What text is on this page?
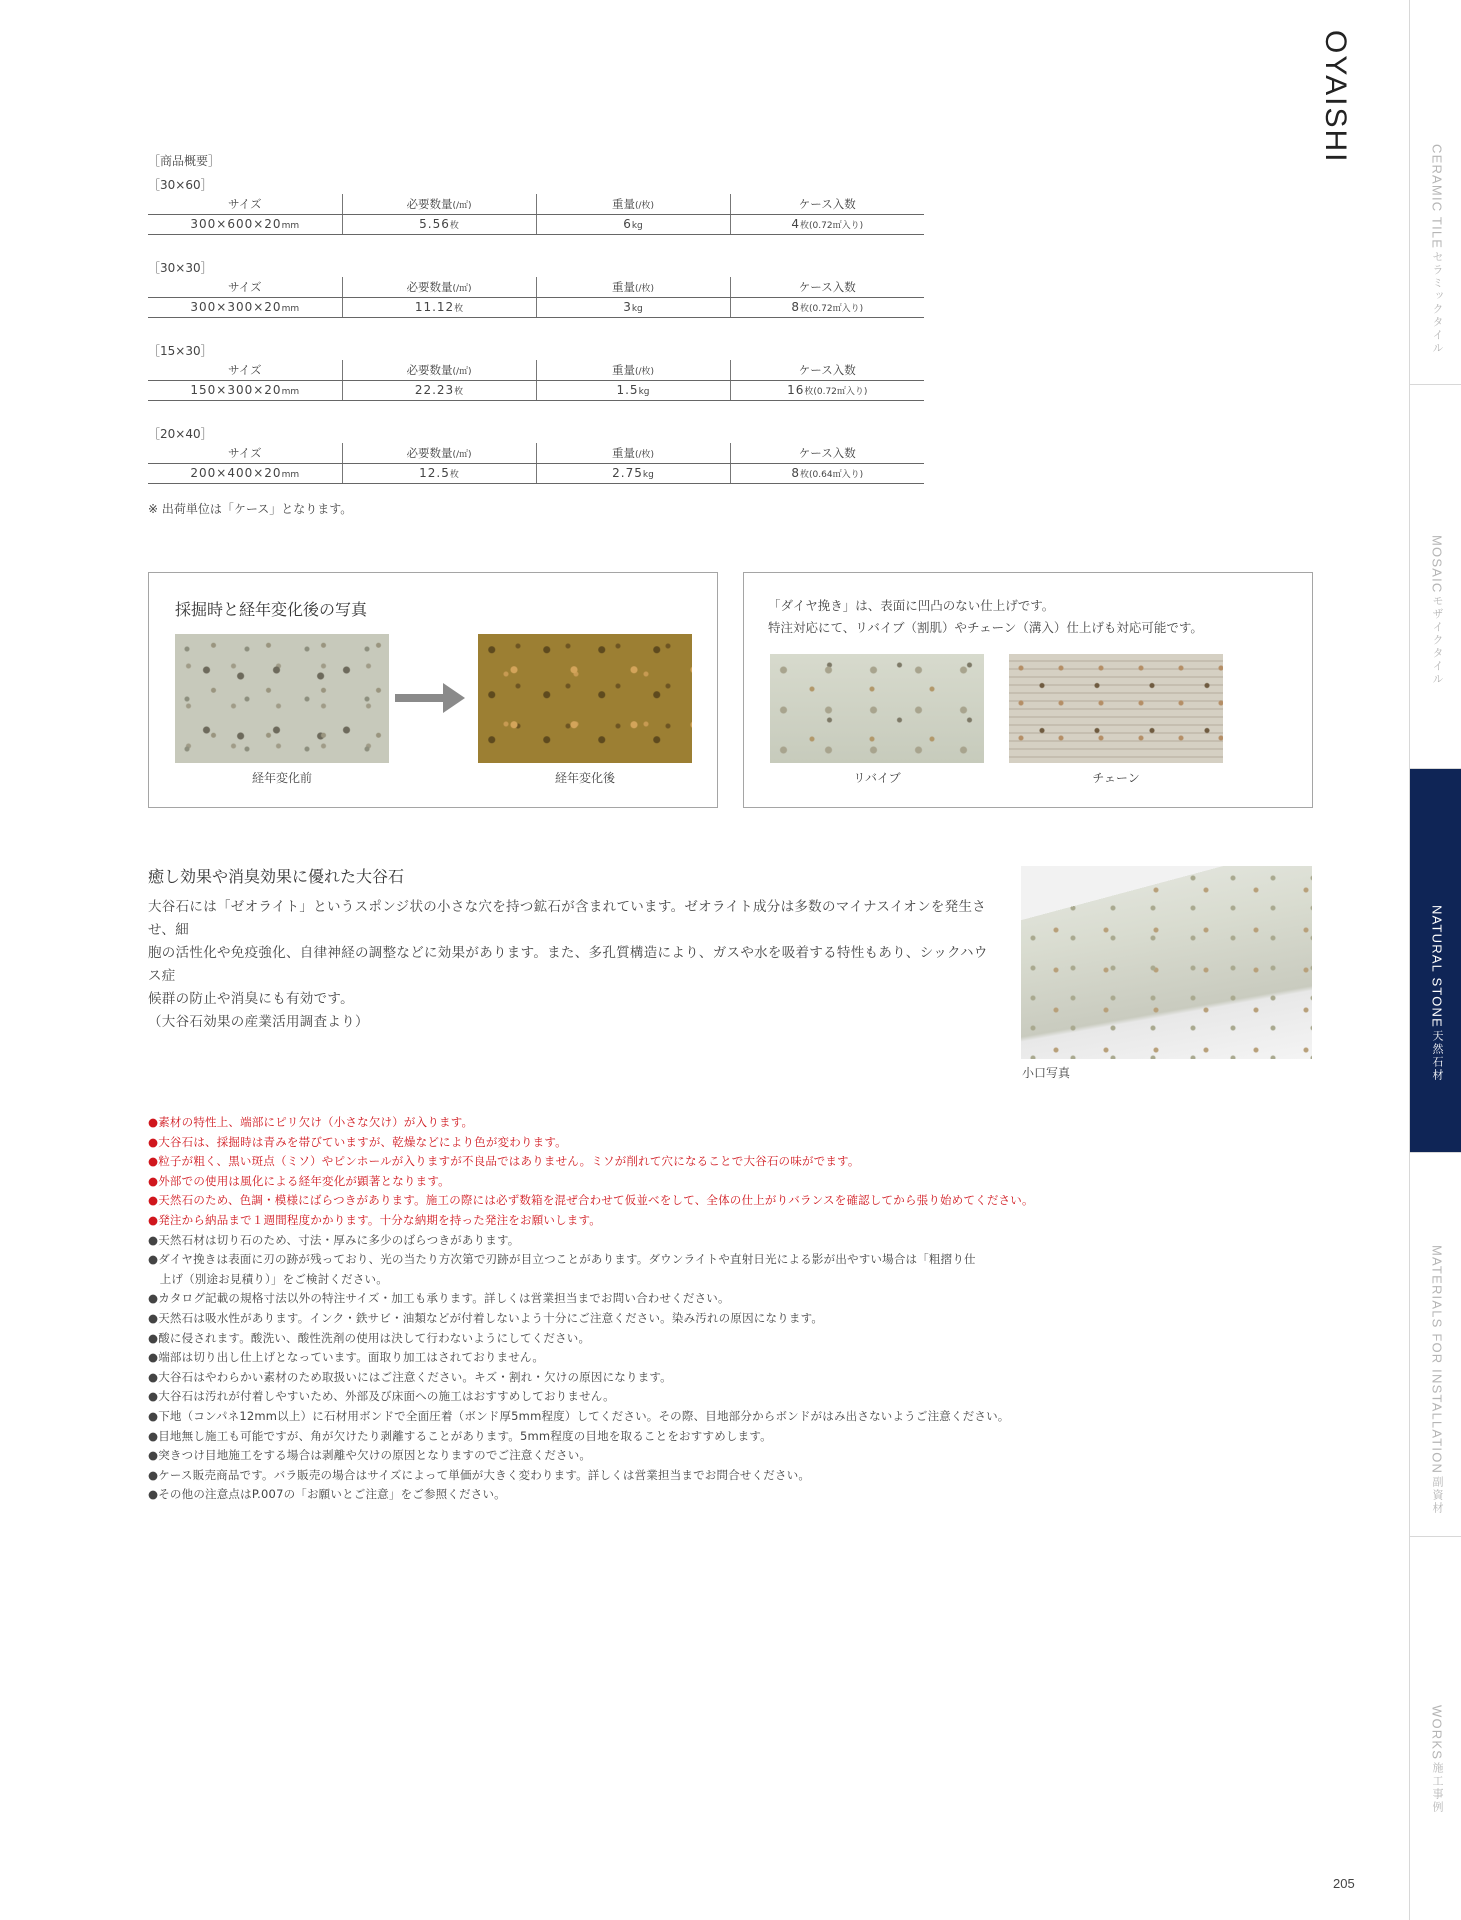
OYAISHI
CERAMIC TILE
セラミックタイル
MOSAIC
モザイクタイル
NATURAL STONE
天然石材
MATERIALS FOR INSTALLATION
副資材
WORKS
施工事例
［商品概要］
［30×60］
サイズ	必要数量(/㎡)	重量(/枚)	ケース入数
300×600×20mm	5.56枚	6kg	4枚(0.72㎡入り)
［30×30］
サイズ	必要数量(/㎡)	重量(/枚)	ケース入数
300×300×20mm	11.12枚	3kg	8枚(0.72㎡入り)
［15×30］
サイズ	必要数量(/㎡)	重量(/枚)	ケース入数
150×300×20mm	22.23枚	1.5kg	16枚(0.72㎡入り)
［20×40］
サイズ	必要数量(/㎡)	重量(/枚)	ケース入数
200×400×20mm	12.5枚	2.75kg	8枚(0.64㎡入り)
※ 出荷単位は「ケース」となります。
採掘時と経年変化後の写真
経年変化前	経年変化後
「ダイヤ挽き」は、表面に凹凸のない仕上げです。
特注対応にて、リバイブ（割肌）やチェーン（溝入）仕上げも対応可能です。
リバイブ	チェーン
癒し効果や消臭効果に優れた大谷石

大谷石には「ゼオライト」というスポンジ状の小さな穴を持つ鉱石が含まれています。ゼオライト成分は多数のマイナスイオンを発生させ、細

胞の活性化や免疫強化、自律神経の調整などに効果があります。また、多孔質構造により、ガスや水を吸着する特性もあり、シックハウス症

候群の防止や消臭にも有効です。

（大谷石効果の産業活用調査より）

小口写真
●素材の特性上、端部にピリ欠け（小さな欠け）が入ります。
●大谷石は、採掘時は青みを帯びていますが、乾燥などにより色が変わります。
●粒子が粗く、黒い斑点（ミソ）やピンホールが入りますが不良品ではありません。ミソが削れて穴になることで大谷石の味がでます。
●外部での使用は風化による経年変化が顕著となります。
●天然石のため、色調・模様にばらつきがあります。施工の際には必ず数箱を混ぜ合わせて仮並べをして、全体の仕上がりバランスを確認してから張り始めてください。
●発注から納品まで１週間程度かかります。十分な納期を持った発注をお願いします。
●天然石材は切り石のため、寸法・厚みに多少のばらつきがあります。
●ダイヤ挽きは表面に刃の跡が残っており、光の当たり方次第で刃跡が目立つことがあります。ダウンライトや直射日光による影が出やすい場合は「粗摺り仕
　上げ（別途お見積り）」をご検討ください。
●カタログ記載の規格寸法以外の特注サイズ・加工も承ります。詳しくは営業担当までお問い合わせください。
●天然石は吸水性があります。インク・鉄サビ・油類などが付着しないよう十分にご注意ください。染み汚れの原因になります。
●酸に侵されます。酸洗い、酸性洗剤の使用は決して行わないようにしてください。
●端部は切り出し仕上げとなっています。面取り加工はされておりません。
●大谷石はやわらかい素材のため取扱いにはご注意ください。キズ・割れ・欠けの原因になります。
●大谷石は汚れが付着しやすいため、外部及び床面への施工はおすすめしておりません。
●下地（コンパネ12mm以上）に石材用ボンドで全面圧着（ボンド厚5mm程度）してください。その際、目地部分からボンドがはみ出さないようご注意ください。
●目地無し施工も可能ですが、角が欠けたり剥離することがあります。5mm程度の目地を取ることをおすすめします。
●突きつけ目地施工をする場合は剥離や欠けの原因となりますのでご注意ください。
●ケース販売商品です。バラ販売の場合はサイズによって単価が大きく変わります。詳しくは営業担当までお問合せください。
●その他の注意点はP.007の「お願いとご注意」をご参照ください。
205
